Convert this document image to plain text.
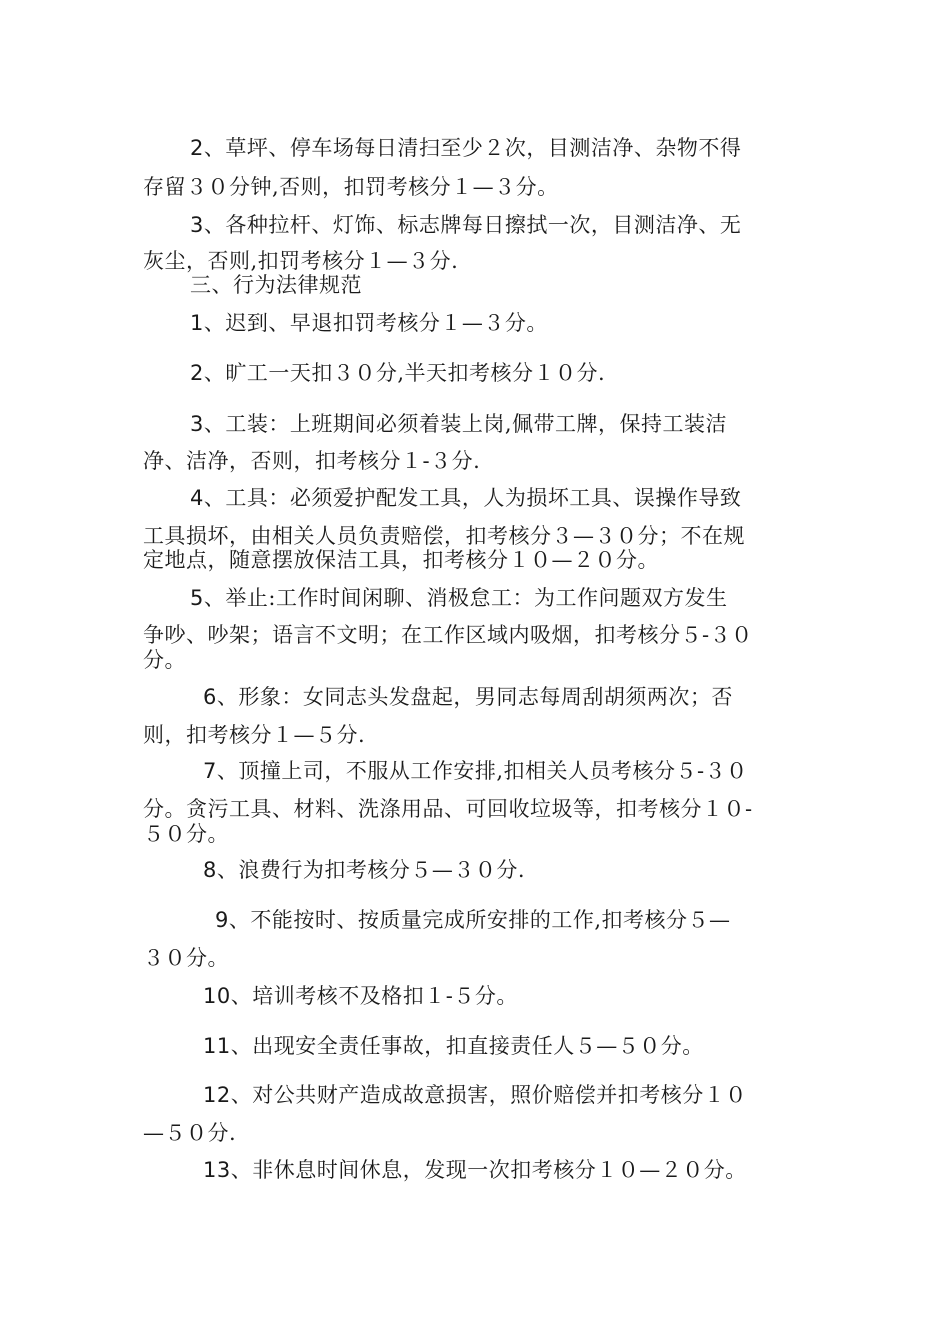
2、草坪、停车场每日清扫至少２次，目测洁净、杂物不得
存留３０分钟,否则，扣罚考核分１—３分。
3、各种拉杆、灯饰、标志牌每日擦拭一次，目测洁净、无
灰尘，否则,扣罚考核分１—３分.
三、行为法律规范
1、迟到、早退扣罚考核分１—３分。
2、旷工一天扣３０分,半天扣考核分１０分.
3、工装：上班期间必须着装上岗,佩带工牌，保持工装洁
净、洁净，否则，扣考核分１-３分.
4、工具：必须爱护配发工具，人为损坏工具、误操作导致
工具损坏，由相关人员负责赔偿，扣考核分３—３０分；不在规
定地点，随意摆放保洁工具，扣考核分１０—２０分。
5、举止:工作时间闲聊、消极怠工：为工作问题双方发生
争吵、吵架；语言不文明；在工作区域内吸烟，扣考核分５-３０
分。
6、形象：女同志头发盘起，男同志每周刮胡须两次；否
则，扣考核分１—５分.
7、顶撞上司，不服从工作安排,扣相关人员考核分５-３０
分。贪污工具、材料、洗涤用品、可回收垃圾等，扣考核分１０-
５０分。
8、浪费行为扣考核分５—３０分.
9、不能按时、按质量完成所安排的工作,扣考核分５—
３０分。
10、培训考核不及格扣１-５分。
11、出现安全责任事故，扣直接责任人５—５０分。
12、对公共财产造成故意损害，照价赔偿并扣考核分１０
—５０分.
13、非休息时间休息，发现一次扣考核分１０—２０分。
